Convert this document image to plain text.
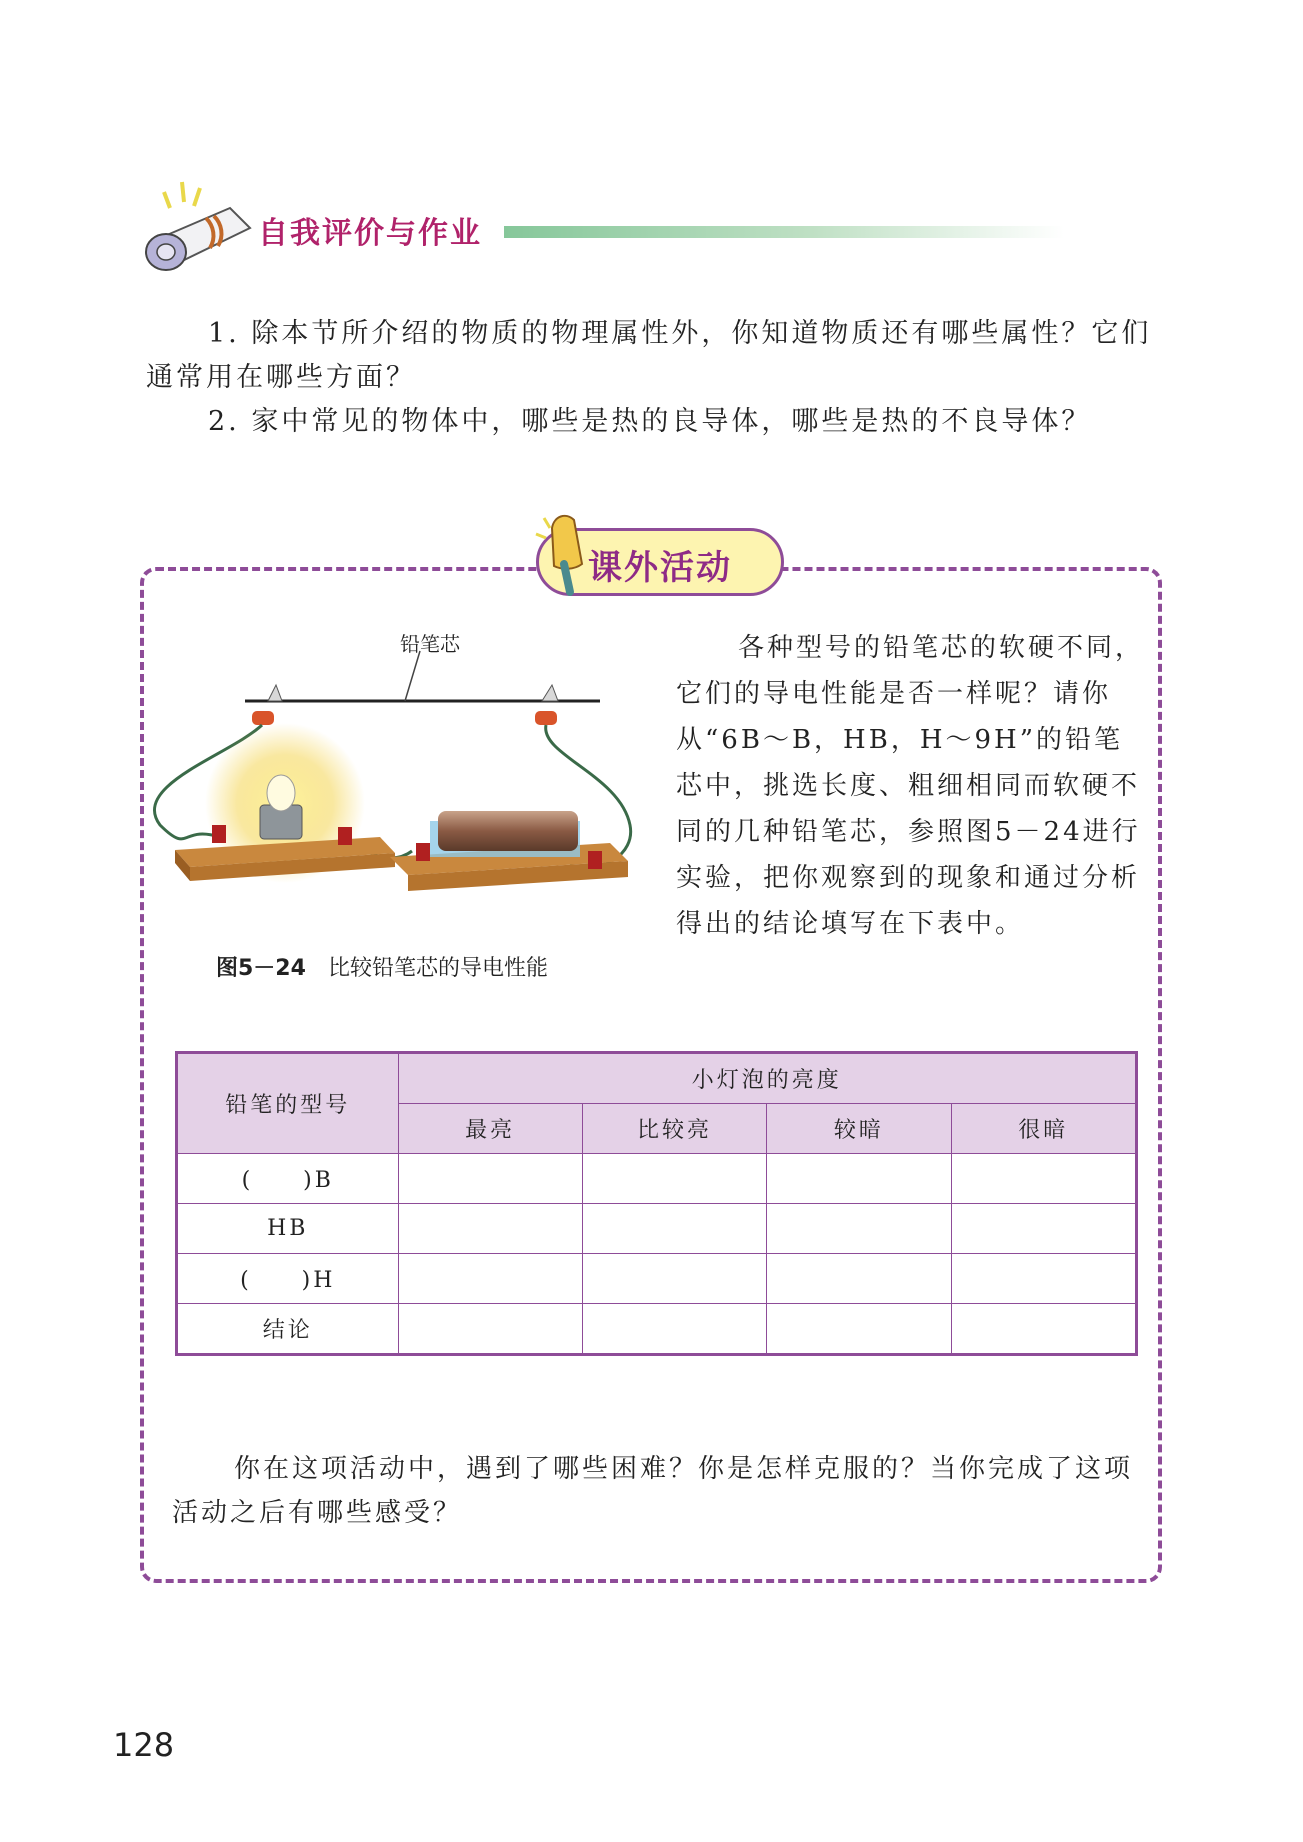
自我评价与作业
1. 除本节所介绍的物质的物理属性外，你知道物质还有哪些属性？它们通常用在哪些方面？
2. 家中常见的物体中，哪些是热的良导体，哪些是热的不良导体？
课外活动
铅笔芯
图5－24 比较铅笔芯的导电性能
各种型号的铅笔芯的软硬不同，它们的导电性能是否一样呢？请你从“6B～B，HB，H～9H”的铅笔芯中，挑选长度、粗细相同而软硬不同的几种铅笔芯，参照图5－24进行实验，把你观察到的现象和通过分析得出的结论填写在下表中。
铅笔的型号	小灯泡的亮度			
	最亮	比较亮	较暗	很暗
(　　)B				
HB				
(　　)H				
结论				
你在这项活动中，遇到了哪些困难？你是怎样克服的？当你完成了这项活动之后有哪些感受？
128
